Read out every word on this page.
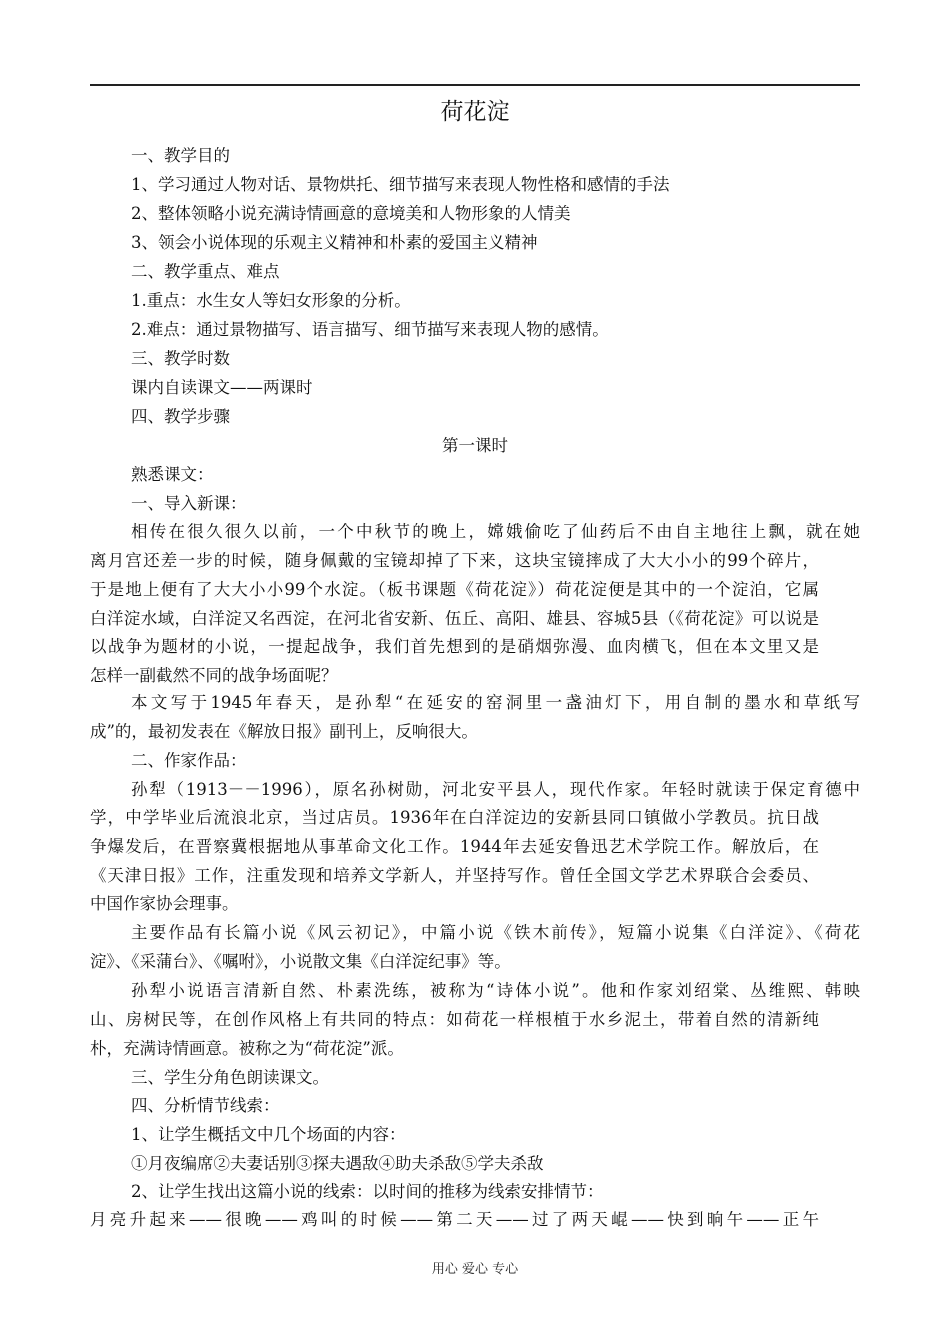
荷花淀
一、教学目的
1、学习通过人物对话、景物烘托、细节描写来表现人物性格和感情的手法
2、整体领略小说充满诗情画意的意境美和人物形象的人情美
3、领会小说体现的乐观主义精神和朴素的爱国主义精神
二、教学重点、难点
1.重点：水生女人等妇女形象的分析。
2.难点：通过景物描写、语言描写、细节描写来表现人物的感情。
三、教学时数
课内自读课文——两课时
四、教学步骤
第一课时
熟悉课文：
一、导入新课：
相传在很久很久以前，一个中秋节的晚上，嫦娥偷吃了仙药后不由自主地往上飘，就在她
离月宫还差一步的时候，随身佩戴的宝镜却掉了下来，这块宝镜摔成了大大小小的99个碎片，
于是地上便有了大大小小99个水淀。（板书课题《荷花淀》）荷花淀便是其中的一个淀泊，它属
白洋淀水域，白洋淀又名西淀，在河北省安新、伍丘、高阳、雄县、容城5县（《荷花淀》可以说是
以战争为题材的小说，一提起战争，我们首先想到的是硝烟弥漫、血肉横飞，但在本文里又是
怎样一副截然不同的战争场面呢？
本文写于1945年春天，是孙犁“在延安的窑洞里一盏油灯下，用自制的墨水和草纸写
成”的，最初发表在《解放日报》副刊上，反响很大。
二、作家作品：
孙犁（1913－－1996），原名孙树勋，河北安平县人，现代作家。年轻时就读于保定育德中
学，中学毕业后流浪北京，当过店员。1936年在白洋淀边的安新县同口镇做小学教员。抗日战
争爆发后，在晋察冀根据地从事革命文化工作。1944年去延安鲁迅艺术学院工作。解放后，在
《天津日报》工作，注重发现和培养文学新人，并坚持写作。曾任全国文学艺术界联合会委员、
中国作家协会理事。
主要作品有长篇小说《风云初记》，中篇小说《铁木前传》，短篇小说集《白洋淀》、《荷花
淀》、《采蒲台》、《嘱咐》，小说散文集《白洋淀纪事》等。
孙犁小说语言清新自然、朴素洗练，被称为“诗体小说”。他和作家刘绍棠、丛维熙、韩映
山、房树民等，在创作风格上有共同的特点：如荷花一样根植于水乡泥土，带着自然的清新纯
朴，充满诗情画意。被称之为“荷花淀”派。
三、学生分角色朗读课文。
四、分析情节线索：
1、让学生概括文中几个场面的内容：
①月夜编席②夫妻话别③探夫遇敌④助夫杀敌⑤学夫杀敌
2、让学生找出这篇小说的线索：以时间的推移为线索安排情节：
月亮升起来——很晚——鸡叫的时候——第二天——过了两天崐——快到晌午——正午
用心 爱心 专心
